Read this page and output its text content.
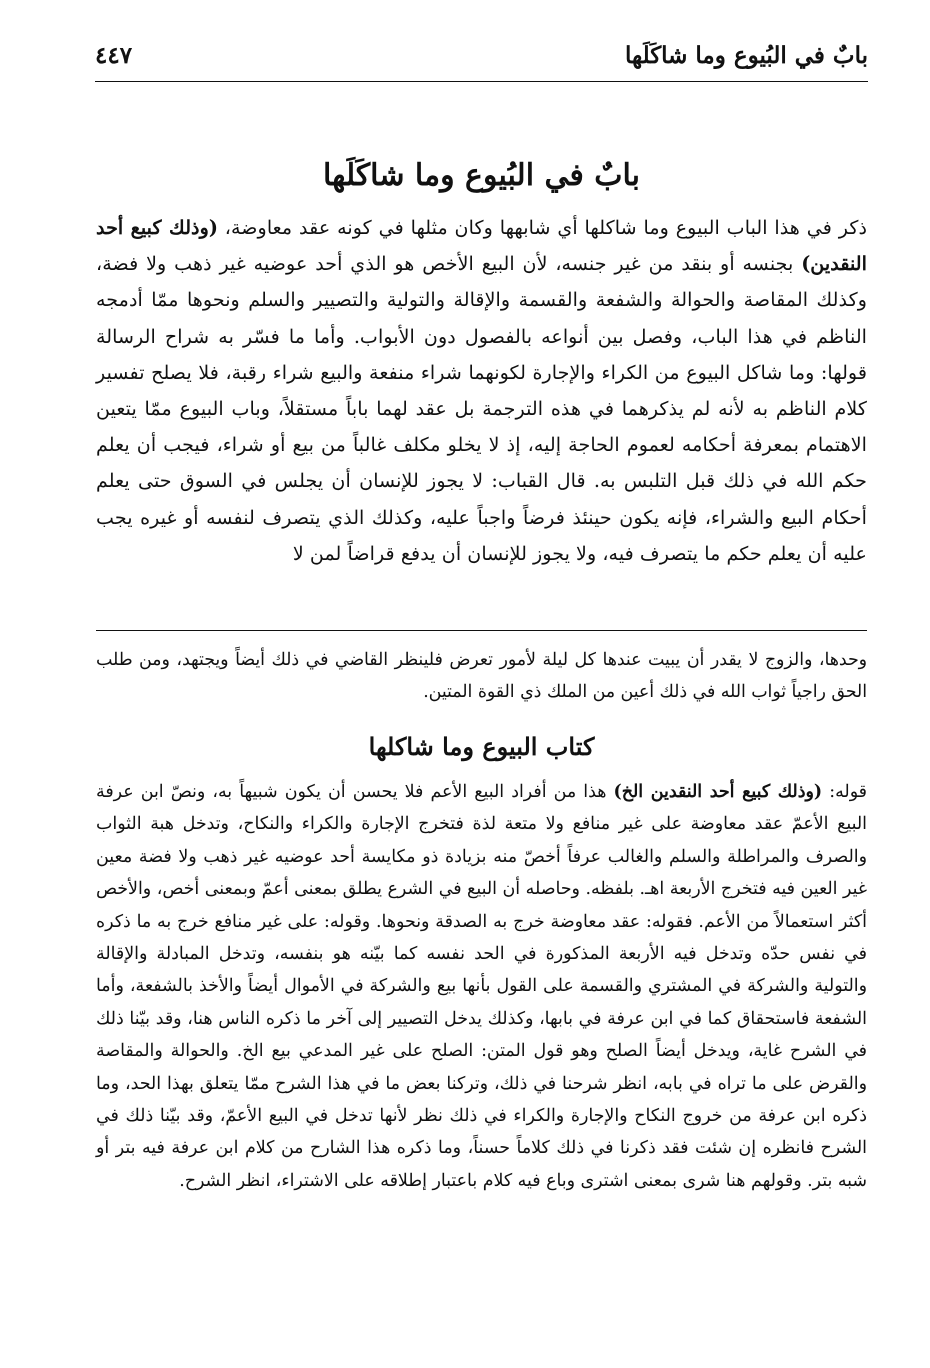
بابٌ في البُيوع وما شاكَلَها
٤٤٧
بابٌ في البُيوع وما شاكَلَها

ذكر في هذا الباب البيوع وما شاكلها أي شابهها وكان مثلها في كونه عقد معاوضة، (وذلك كبيع أحد النقدين) بجنسه أو بنقد من غير جنسه، لأن البيع الأخص هو الذي أحد عوضيه غير ذهب ولا فضة، وكذلك المقاصة والحوالة والشفعة والقسمة والإقالة والتولية والتصيير والسلم ونحوها ممّا أدمجه الناظم في هذا الباب، وفصل بين أنواعه بالفصول دون الأبواب. وأما ما فسّر به شراح الرسالة قولها: وما شاكل البيوع من الكراء والإجارة لكونهما شراء منفعة والبيع شراء رقبة، فلا يصلح تفسير كلام الناظم به لأنه لم يذكرهما في هذه الترجمة بل عقد لهما باباً مستقلاً، وباب البيوع ممّا يتعين الاهتمام بمعرفة أحكامه لعموم الحاجة إليه، إذ لا يخلو مكلف غالباً من بيع أو شراء، فيجب أن يعلم حكم الله في ذلك قبل التلبس به. قال القباب: لا يجوز للإنسان أن يجلس في السوق حتى يعلم أحكام البيع والشراء، فإنه يكون حينئذ فرضاً واجباً عليه، وكذلك الذي يتصرف لنفسه أو غيره يجب عليه أن يعلم حكم ما يتصرف فيه، ولا يجوز للإنسان أن يدفع قراضاً لمن لا

وحدها، والزوج لا يقدر أن يبيت عندها كل ليلة لأمور تعرض فلينظر القاضي في ذلك أيضاً ويجتهد، ومن طلب الحق راجياً ثواب الله في ذلك أعين من الملك ذي القوة المتين.

كتاب البيوع وما شاكلها

قوله: (وذلك كبيع أحد النقدين الخ) هذا من أفراد البيع الأعم فلا يحسن أن يكون شبيهاً به، ونصّ ابن عرفة البيع الأعمّ عقد معاوضة على غير منافع ولا متعة لذة فتخرج الإجارة والكراء والنكاح، وتدخل هبة الثواب والصرف والمراطلة والسلم والغالب عرفاً أخصّ منه بزيادة ذو مكايسة أحد عوضيه غير ذهب ولا فضة معين غير العين فيه فتخرج الأربعة اهـ. بلفظه. وحاصله أن البيع في الشرع يطلق بمعنى أعمّ وبمعنى أخص، والأخص أكثر استعمالاً من الأعم. فقوله: عقد معاوضة خرج به الصدقة ونحوها. وقوله: على غير منافع خرج به ما ذكره في نفس حدّه وتدخل فيه الأربعة المذكورة في الحد نفسه كما بيّنه هو بنفسه، وتدخل المبادلة والإقالة والتولية والشركة في المشتري والقسمة على القول بأنها بيع والشركة في الأموال أيضاً والأخذ بالشفعة، وأما الشفعة فاستحقاق كما في ابن عرفة في بابها، وكذلك يدخل التصيير إلى آخر ما ذكره الناس هنا، وقد بيّنا ذلك في الشرح غاية، ويدخل أيضاً الصلح وهو قول المتن: الصلح على غير المدعي بيع الخ. والحوالة والمقاصة والقرض على ما تراه في بابه، انظر شرحنا في ذلك، وتركنا بعض ما في هذا الشرح ممّا يتعلق بهذا الحد، وما ذكره ابن عرفة من خروج النكاح والإجارة والكراء في ذلك نظر لأنها تدخل في البيع الأعمّ، وقد بيّنا ذلك في الشرح فانظره إن شئت فقد ذكرنا في ذلك كلاماً حسناً، وما ذكره هذا الشارح من كلام ابن عرفة فيه بتر أو شبه بتر. وقولهم هنا شرى بمعنى اشترى وباع فيه كلام باعتبار إطلاقه على الاشتراء، انظر الشرح.
